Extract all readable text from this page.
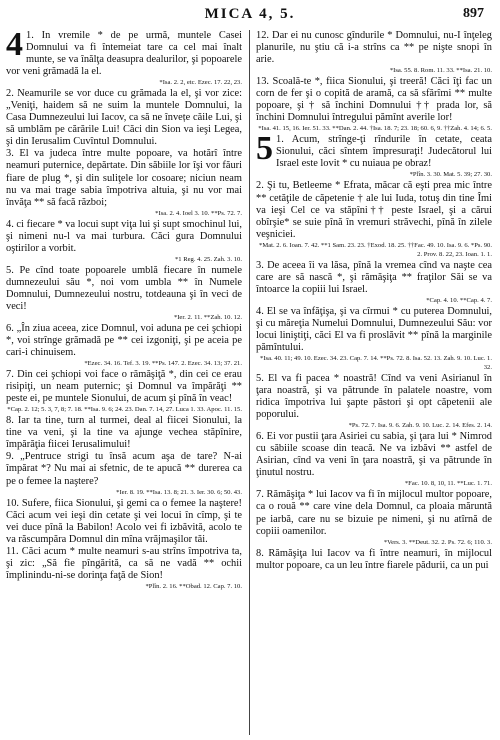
MICA 4, 5.	897

4 1. In vremile * de pe urmă, muntele Casei Domnului va fi întemeiat tare ca cel mai înalt munte, se va înălţa deasupra dealurilor, şi popoarele vor veni grămadă la el.

*Isa. 2. 2, etc. Ezec. 17. 22, 23.

2. Neamurile se vor duce cu grămada la el, şi vor zice: „Veniţi, haidem să ne suim la muntele Domnului, la Casa Dumnezeului lui Iacov, ca să ne învețe căile Lui, şi să umblăm pe cărările Lui! Căci din Sion va ieşi Legea, şi din Ierusalim Cuvîntul Domnului.

3. El va judeca între multe popoare, va hotărî între neamuri puternice, depărtate. Din săbiile lor îşi vor făuri fiare de plug *, şi din suliţele lor cosoare; niciun neam nu va mai trage sabia împotriva altuia, şi nu vor mai învăţa ** să facă război;

*Isa. 2. 4. Ioel 3. 10. **Ps. 72. 7.

4. ci fiecare * va locui supt viţa lui şi supt smochinul lui, şi nimeni nu-l va mai turbura. Căci gura Domnului oştirilor a vorbit.

*1 Reg. 4. 25. Zah. 3. 10.

5. Pe cînd toate popoarele umblă fiecare în numele dumnezeului său *, noi vom umbla ** în Numele Domnului, Dumnezeului nostru, totdeauna şi în veci de veci!

*Ier. 2. 11. **Zah. 10. 12.

6. „În ziua aceea, zice Domnul, voi aduna pe cei şchiopi *, voi strînge grămadă pe ** cei izgoniţi, şi pe aceia pe cari-i chinuisem.

*Ezec. 34. 16. Tef. 3. 19. **Ps. 147. 2. Ezec. 34. 13; 37. 21.

7. Din cei şchiopi voi face o rămăşiţă *, din cei ce erau risipiţi, un neam puternic; şi Domnul va împărăţi ** peste ei, pe muntele Sionului, de acum şi pînă în veac!

*Cap. 2. 12; 5. 3, 7, 8; 7. 18. **Isa. 9. 6; 24. 23. Dan. 7. 14, 27. Luca 1. 33. Apoc. 11. 15.

8. Iar ta tine, turn al turmei, deal al fiicei Sionului, la tine va veni, şi la tine va ajunge vechea stăpînire, împărăţia fiicei Ierusalimului!

9. „Pentruce strigi tu însă acum aşa de tare? N-ai împărat *? Nu mai ai sfetnic, de te apucă ** durerea ca pe o femee la naştere?

*Ier. 8. 19. **Isa. 13. 8; 21. 3. Ier. 30. 6; 50. 43.

10. Sufere, fiica Sionului, şi gemi ca o femee la naştere! Căci acum vei ieşi din cetate şi vei locui în cîmp, şi te vei duce pînă la Babilon! Acolo vei fi izbăvită, acolo te va răscumpăra Domnul din mîna vrăjmaşilor tăi.

11. Căci acum * multe neamuri s-au strîns împotriva ta, şi zic: „Să fie pîngărită, ca să ne vadă ** ochii împlinindu-ni-se dorinţa faţă de Sion!

*Plîn. 2. 16. **Obad. 12. Cap. 7. 10.

12. Dar ei nu cunosc gîndurile * Domnului, nu-I înţeleg planurile, nu ştiu că i-a strîns ca ** pe nişte snopi în arie.

*Isa. 55. 8. Rom. 11. 33. **Isa. 21. 10.

13. Scoală-te *, fiica Sionului, şi treeră! Căci îţi fac un corn de fer şi o copită de aramă, ca să sfărîmi ** multe popoare, şi † să închini Domnului †† prada lor, să închini Domnului întregului pămînt averile lor!

*Isa. 41. 15, 16. Ier. 51. 33. **Dan. 2. 44. †Isa. 18. 7; 23. 18; 60. 6, 9. ††Zah. 4. 14; 6. 5.

5 1. Acum, strînge-ţi rîndurile în cetate, ceata Sionului, căci sîntem împresuraţi! Judecătorul lui Israel este lovit * cu nuiaua pe obraz!

*Plîn. 3. 30. Mat. 5. 39; 27. 30.

2. Şi tu, Betleeme * Efrata, măcar că eşti prea mic între ** cetăţile de căpetenie † ale lui Iuda, totuş din tine Îmi va ieşi Cel ce va stăpîni†† peste Israel, şi a cărui obîrşie* se suie pînă în vremuri străvechi, pînă în zilele veşniciei.

*Mat. 2. 6. Ioan. 7. 42. **1 Sam. 23. 23. †Exod. 18. 25. ††Fac. 49. 10. Isa. 9. 6. *Ps. 90. 2. Prov. 8. 22, 23. Ioan. 1. 1.

3. De aceea îi va lăsa, pînă la vremea cînd va naşte cea care are să nască *, şi rămăşiţa ** fraţilor Săi se va întoarce la copiii lui Israel.

*Cap. 4. 10. **Cap. 4. 7.

4. El se va înfăţişa, şi va cîrmui * cu puterea Domnului, şi cu măreţia Numelui Domnului, Dumnezeului Său: vor locui liniştiţi, căci El va fi proslăvit ** pînă la marginile pămîntului.

*Isa. 40. 11; 49. 10. Ezec. 34. 23. Cap. 7. 14. **Ps. 72. 8. Isa. 52. 13. Zah. 9. 10. Luc. 1. 32.

5. El va fi pacea * noastră! Cînd va veni Asirianul în ţara noastră, şi va pătrunde în palatele noastre, vom ridica împotriva lui şapte păstori şi opt căpetenii ale poporului.

*Ps. 72. 7. Isa. 9. 6. Zah. 9. 10. Luc. 2. 14. Efes. 2. 14.

6. Ei vor pustii ţara Asiriei cu sabia, şi ţara lui * Nimrod cu săbiile scoase din teacă. Ne va izbăvi ** astfel de Asirian, cînd va veni în ţara noastră, şi va pătrunde în ţinutul nostru.

*Fac. 10. 8, 10, 11. **Luc. 1. 71.

7. Rămăşiţa * lui Iacov va fi în mijlocul multor popoare, ca o rouă ** care vine dela Domnul, ca ploaia măruntă pe iarbă, care nu se bizuie pe nimeni, şi nu atîrnă de copiii oamenilor.

*Vers. 3. **Deut. 32. 2. Ps. 72. 6; 110. 3.

8. Rămăşiţa lui Iacov va fi între neamuri, în mijlocul multor popoare, ca un leu între fiarele pădurii, ca un pui
